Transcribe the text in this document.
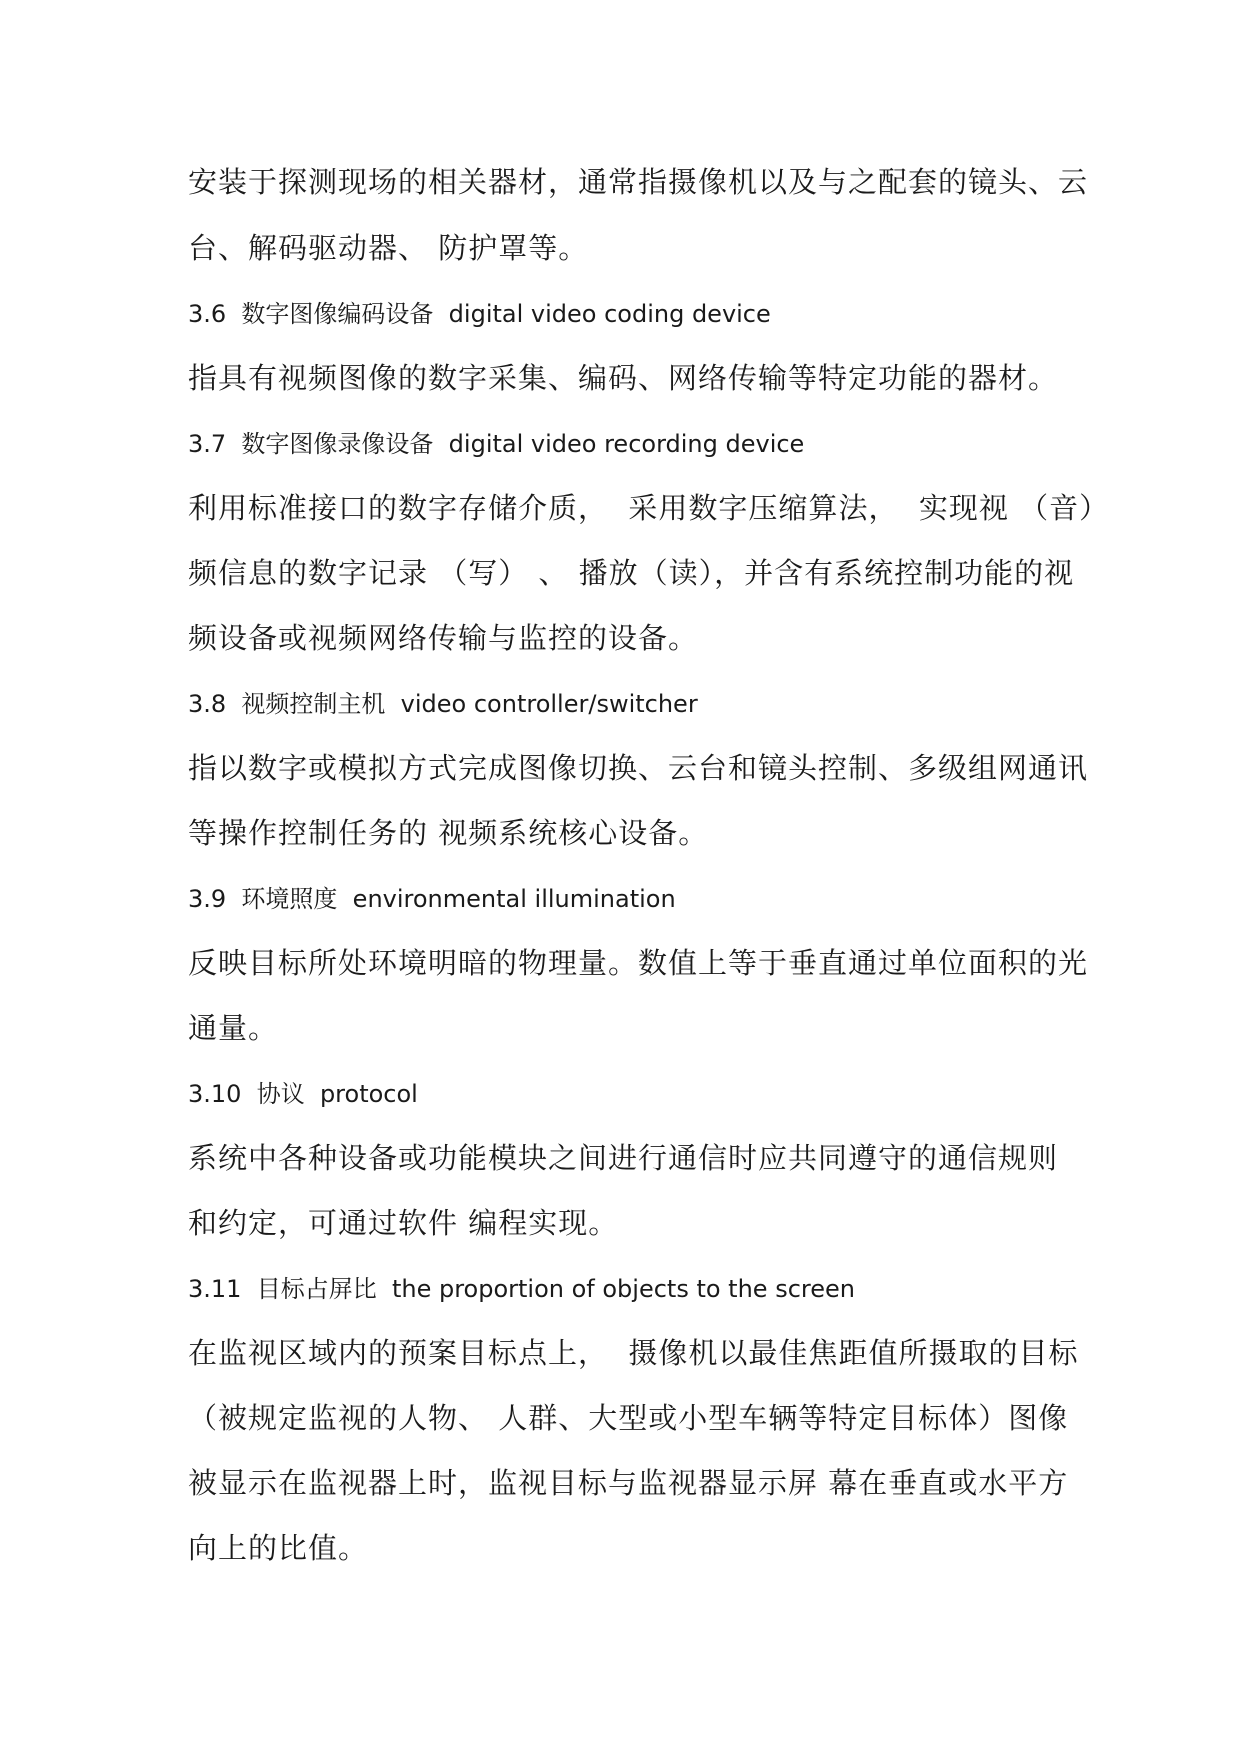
安装于探测现场的相关器材，通常指摄像机以及与之配套的镜头、云
台、解码驱动器、 防护罩等。
3.6  数字图像编码设备  digital video coding device
指具有视频图像的数字采集、编码、网络传输等特定功能的器材。
3.7  数字图像录像设备  digital video recording device
利用标准接口的数字存储介质，  采用数字压缩算法，  实现视 （音）
频信息的数字记录 （写） 、 播放（读），并含有系统控制功能的视
频设备或视频网络传输与监控的设备。
3.8  视频控制主机  video controller/switcher
指以数字或模拟方式完成图像切换、云台和镜头控制、多级组网通讯
等操作控制任务的 视频系统核心设备。
3.9  环境照度  environmental illumination
反映目标所处环境明暗的物理量。数值上等于垂直通过单位面积的光
通量。
3.10  协议  protocol
系统中各种设备或功能模块之间进行通信时应共同遵守的通信规则
和约定，可通过软件 编程实现。
3.11  目标占屏比  the proportion of objects to the screen
在监视区域内的预案目标点上，  摄像机以最佳焦距值所摄取的目标
（被规定监视的人物、 人群、大型或小型车辆等特定目标体）图像
被显示在监视器上时，监视目标与监视器显示屏 幕在垂直或水平方
向上的比值。
